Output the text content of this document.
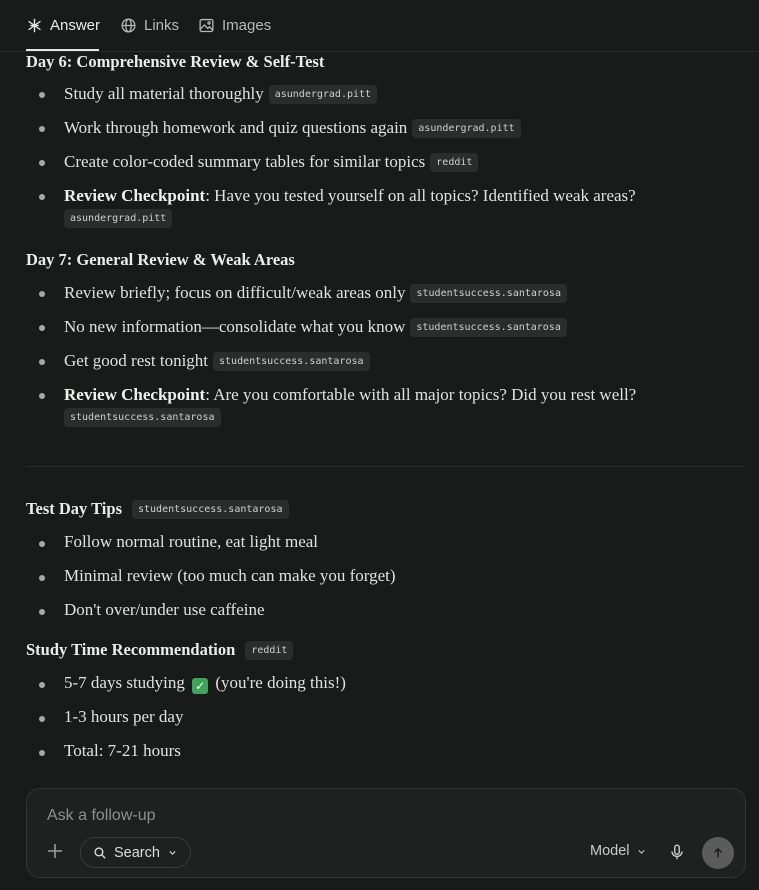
Answer	Links	Images
Day 6: Comprehensive Review & Self-Test
Study all material thoroughly asundergrad.pitt
Work through homework and quiz questions again asundergrad.pitt
Create color-coded summary tables for similar topics reddit
Review Checkpoint: Have you tested yourself on all topics? Identified weak areas?
asundergrad.pitt
Day 7: General Review & Weak Areas
Review briefly; focus on difficult/weak areas only studentsuccess.santarosa
No new information—consolidate what you know studentsuccess.santarosa
Get good rest tonight studentsuccess.santarosa
Review Checkpoint: Are you comfortable with all major topics? Did you rest well?
studentsuccess.santarosa
Test Day Tips	studentsuccess.santarosa
Follow normal routine, eat light meal
Minimal review (too much can make you forget)
Don't over/under use caffeine
Study Time Recommendation	reddit
5-7 days studying ✓ (you're doing this!)
1-3 hours per day
Total: 7-21 hours
Ask a follow-up
Search	Model
